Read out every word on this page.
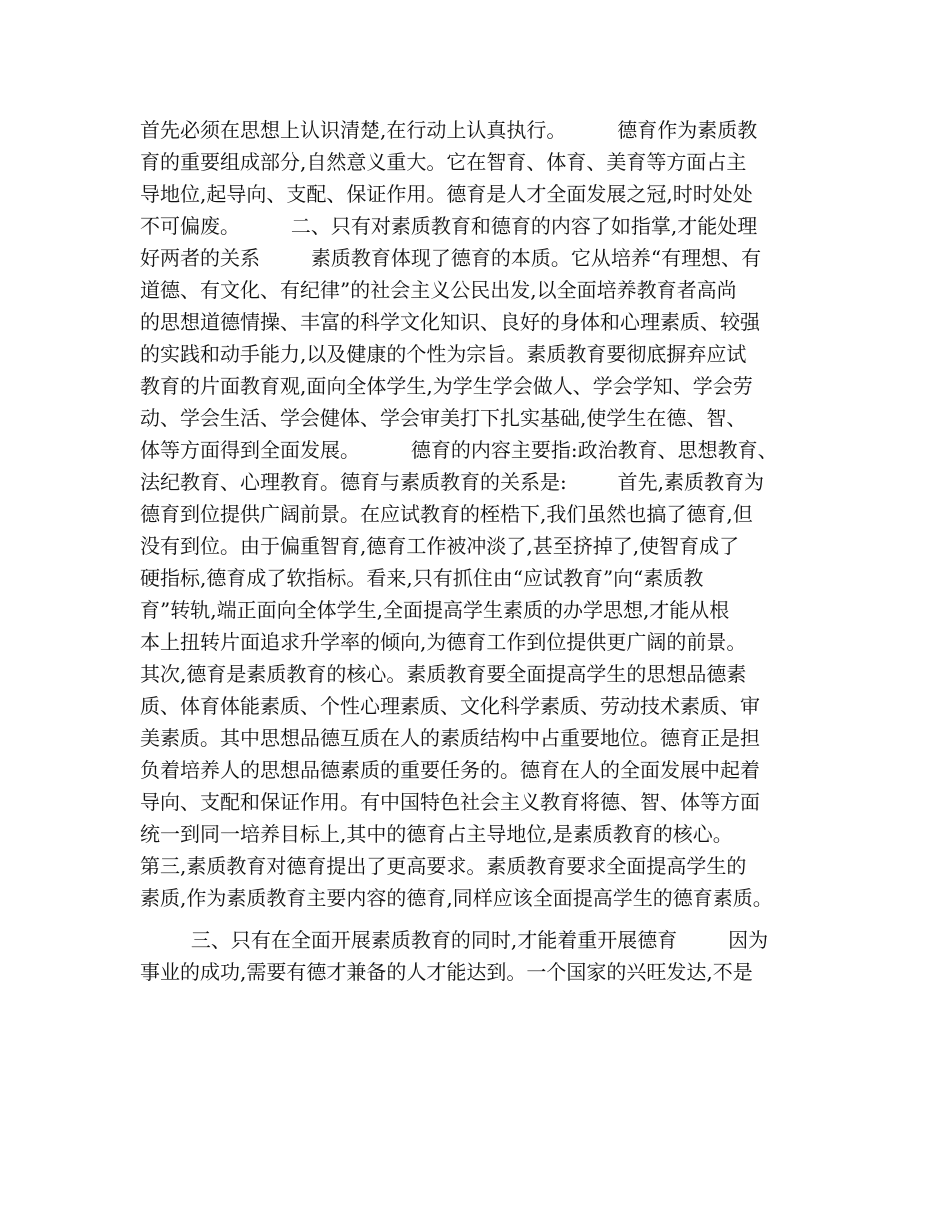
首先必须在思想上认识清楚,在行动上认真执行。        德育作为素质教
育的重要组成部分,自然意义重大。它在智育、体育、美育等方面占主
导地位,起导向、支配、保证作用。德育是人才全面发展之冠,时时处处
不可偏废。        二、只有对素质教育和德育的内容了如指掌,才能处理
好两者的关系        素质教育体现了德育的本质。它从培养“有理想、有
道德、有文化、有纪律”的社会主义公民出发,以全面培养教育者高尚
的思想道德情操、丰富的科学文化知识、良好的身体和心理素质、较强
的实践和动手能力,以及健康的个性为宗旨。素质教育要彻底摒弃应试
教育的片面教育观,面向全体学生,为学生学会做人、学会学知、学会劳
动、学会生活、学会健体、学会审美打下扎实基础,使学生在德、智、
体等方面得到全面发展。        德育的内容主要指:政治教育、思想教育、
法纪教育、心理教育。德育与素质教育的关系是:        首先,素质教育为
德育到位提供广阔前景。在应试教育的桎梏下,我们虽然也搞了德育,但
没有到位。由于偏重智育,德育工作被冲淡了,甚至挤掉了,使智育成了
硬指标,德育成了软指标。看来,只有抓住由“应试教育”向“素质教
育”转轨,端正面向全体学生,全面提高学生素质的办学思想,才能从根
本上扭转片面追求升学率的倾向,为德育工作到位提供更广阔的前景。
其次,德育是素质教育的核心。素质教育要全面提高学生的思想品德素
质、体育体能素质、个性心理素质、文化科学素质、劳动技术素质、审
美素质。其中思想品德互质在人的素质结构中占重要地位。德育正是担
负着培养人的思想品德素质的重要任务的。德育在人的全面发展中起着
导向、支配和保证作用。有中国特色社会主义教育将德、智、体等方面
统一到同一培养目标上,其中的德育占主导地位,是素质教育的核心。
第三,素质教育对德育提出了更高要求。素质教育要求全面提高学生的
素质,作为素质教育主要内容的德育,同样应该全面提高学生的德育素质。
三、只有在全面开展素质教育的同时,才能着重开展德育        因为
事业的成功,需要有德才兼备的人才能达到。一个国家的兴旺发达,不是
